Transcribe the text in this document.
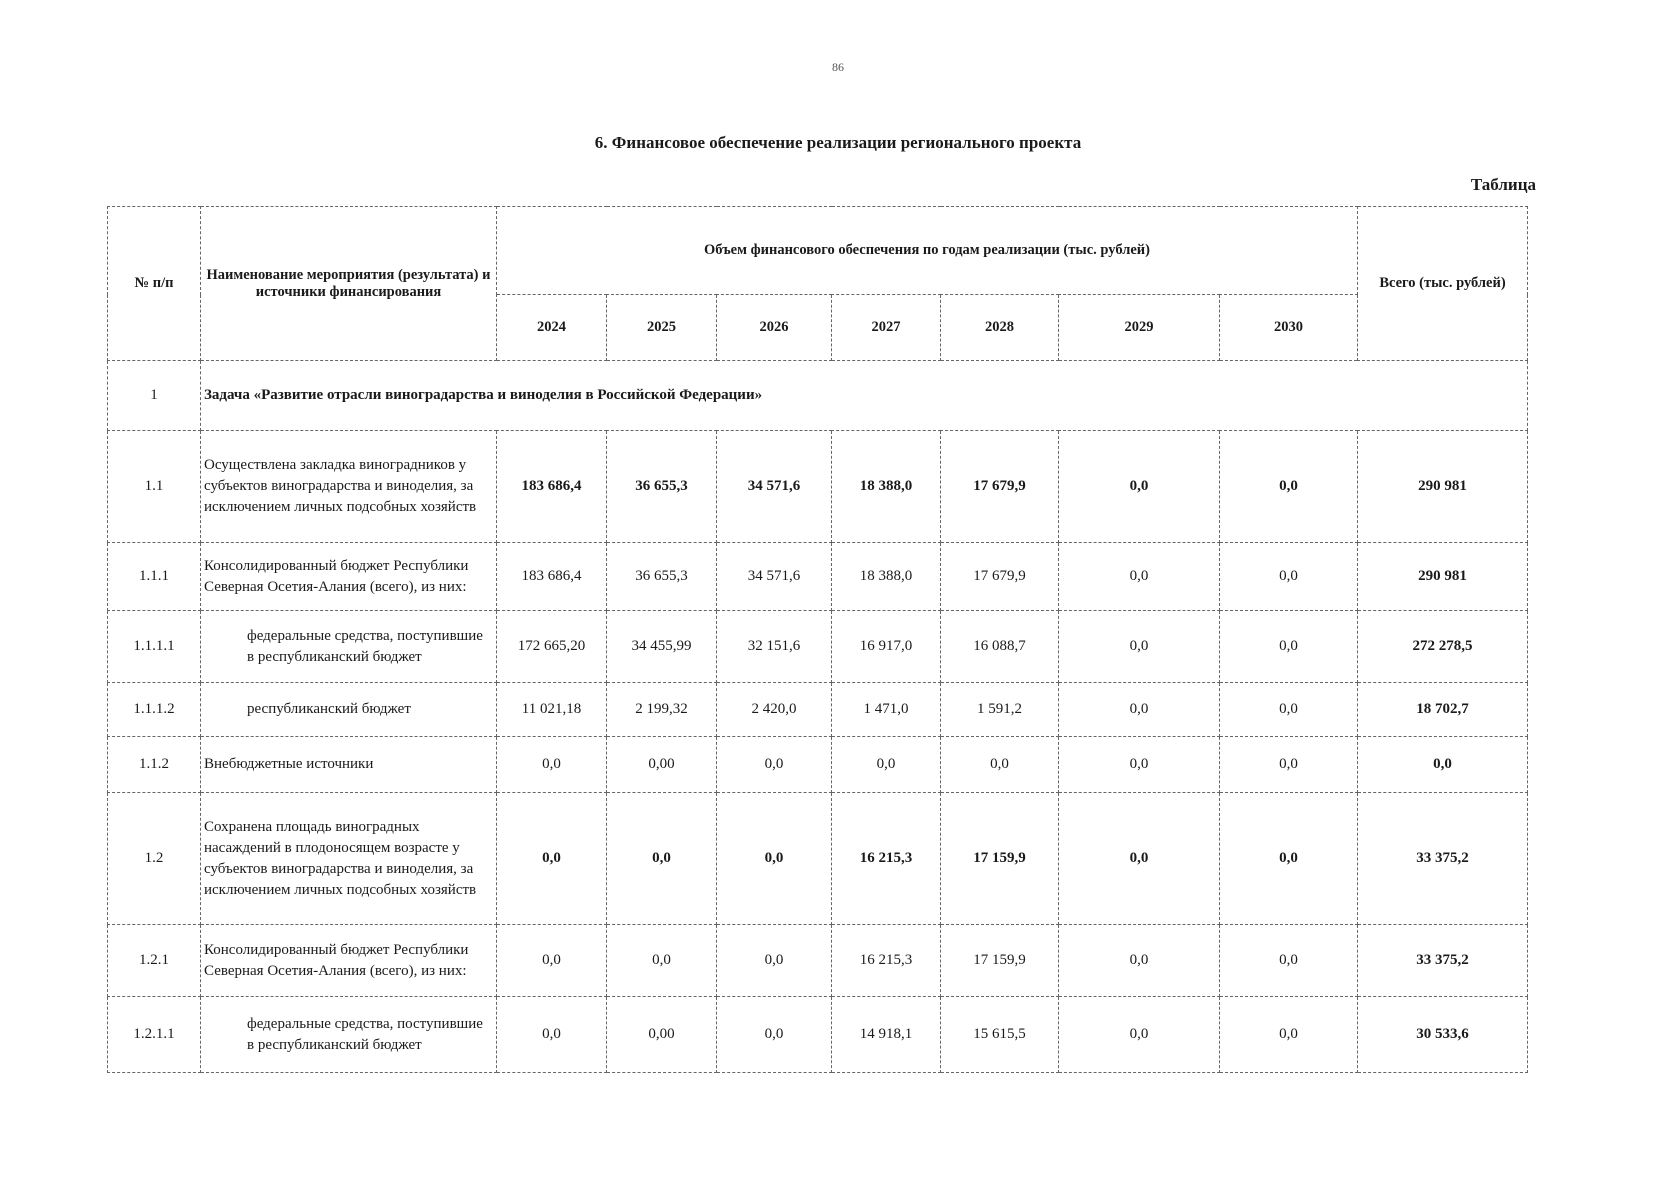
86
6. Финансовое обеспечение реализации регионального проекта
Таблица
№ п/п	Наименование мероприятия (результата) и источники финансирования	Объем финансового обеспечения по годам реализации (тыс. рублей)							Всего (тыс. рублей)
		2024	2025	2026	2027	2028	2029	2030	
1	Задача «Развитие отрасли виноградарства и виноделия в Российской Федерации»								
1.1	Осуществлена закладка виноградников у субъектов виноградарства и виноделия, за исключением личных подсобных хозяйств	183 686,4	36 655,3	34 571,6	18 388,0	17 679,9	0,0	0,0	290 981
1.1.1	Консолидированный бюджет Республики Северная Осетия-Алания (всего), из них:	183 686,4	36 655,3	34 571,6	18 388,0	17 679,9	0,0	0,0	290 981
1.1.1.1	федеральные средства, поступившие в республиканский бюджет	172 665,20	34 455,99	32 151,6	16 917,0	16 088,7	0,0	0,0	272 278,5
1.1.1.2	республиканский бюджет	11 021,18	2 199,32	2 420,0	1 471,0	1 591,2	0,0	0,0	18 702,7
1.1.2	Внебюджетные источники	0,0	0,00	0,0	0,0	0,0	0,0	0,0	0,0
1.2	Сохранена площадь виноградных насаждений в плодоносящем возрасте у субъектов виноградарства и виноделия, за исключением личных подсобных хозяйств	0,0	0,0	0,0	16 215,3	17 159,9	0,0	0,0	33 375,2
1.2.1	Консолидированный бюджет Республики Северная Осетия-Алания (всего), из них:	0,0	0,0	0,0	16 215,3	17 159,9	0,0	0,0	33 375,2
1.2.1.1	федеральные средства, поступившие в республиканский бюджет	0,0	0,00	0,0	14 918,1	15 615,5	0,0	0,0	30 533,6
